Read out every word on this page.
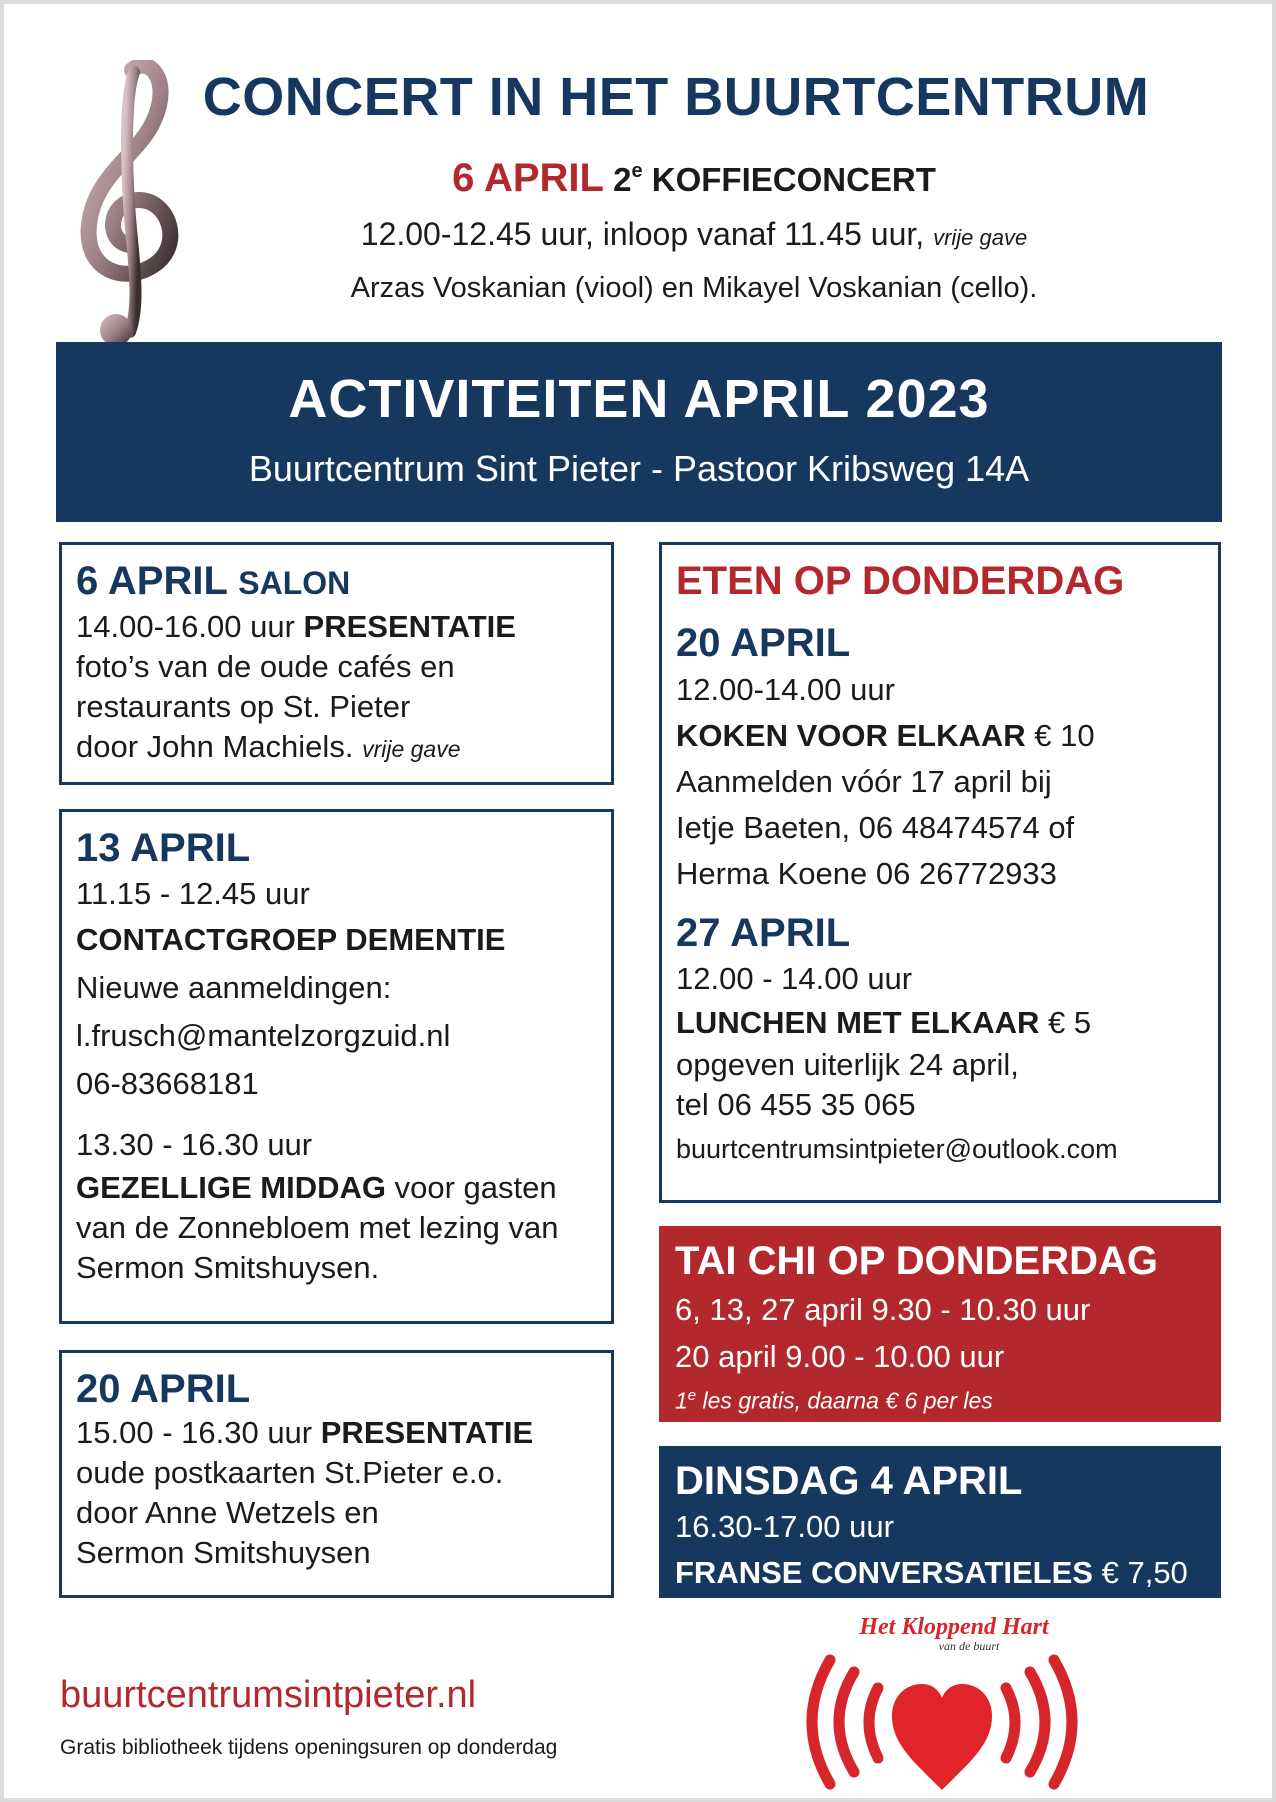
CONCERT IN HET BUURTCENTRUM
6 APRIL 2e KOFFIECONCERT
12.00-12.45 uur, inloop vanaf 11.45 uur, vrije gave
Arzas Voskanian (viool) en Mikayel Voskanian (cello).
ACTIVITEITEN APRIL 2023
Buurtcentrum Sint Pieter - Pastoor Kribsweg 14A
6 APRIL SALON
14.00-16.00 uur PRESENTATIE
foto’s van de oude cafés en
restaurants op St. Pieter
door John Machiels. vrije gave
13 APRIL
11.15 - 12.45 uur
CONTACTGROEP DEMENTIE
Nieuwe aanmeldingen:
l.frusch@mantelzorgzuid.nl
06-83668181
13.30 - 16.30 uur
GEZELLIGE MIDDAG voor gasten
van de Zonnebloem met lezing van
Sermon Smitshuysen.
20 APRIL
15.00 - 16.30 uur PRESENTATIE
oude postkaarten St.Pieter e.o.
door Anne Wetzels en
Sermon Smitshuysen
ETEN OP DONDERDAG
20 APRIL
12.00-14.00 uur
KOKEN VOOR ELKAAR € 10
Aanmelden vóór 17 april bij
Ietje Baeten, 06 48474574 of
Herma Koene 06 26772933
27 APRIL
12.00 - 14.00 uur
LUNCHEN MET ELKAAR € 5
opgeven uiterlijk 24 april,
tel 06 455 35 065
buurtcentrumsintpieter@outlook.com
TAI CHI OP DONDERDAG
6, 13, 27 april 9.30 - 10.30 uur
20 april 9.00 - 10.00 uur
1e les gratis, daarna € 6 per les
DINSDAG 4 APRIL
16.30-17.00 uur
FRANSE CONVERSATIELES € 7,50
buurtcentrumsintpieter.nl
Gratis bibliotheek tijdens openingsuren op donderdag
Het Kloppend Hart
van de buurt
